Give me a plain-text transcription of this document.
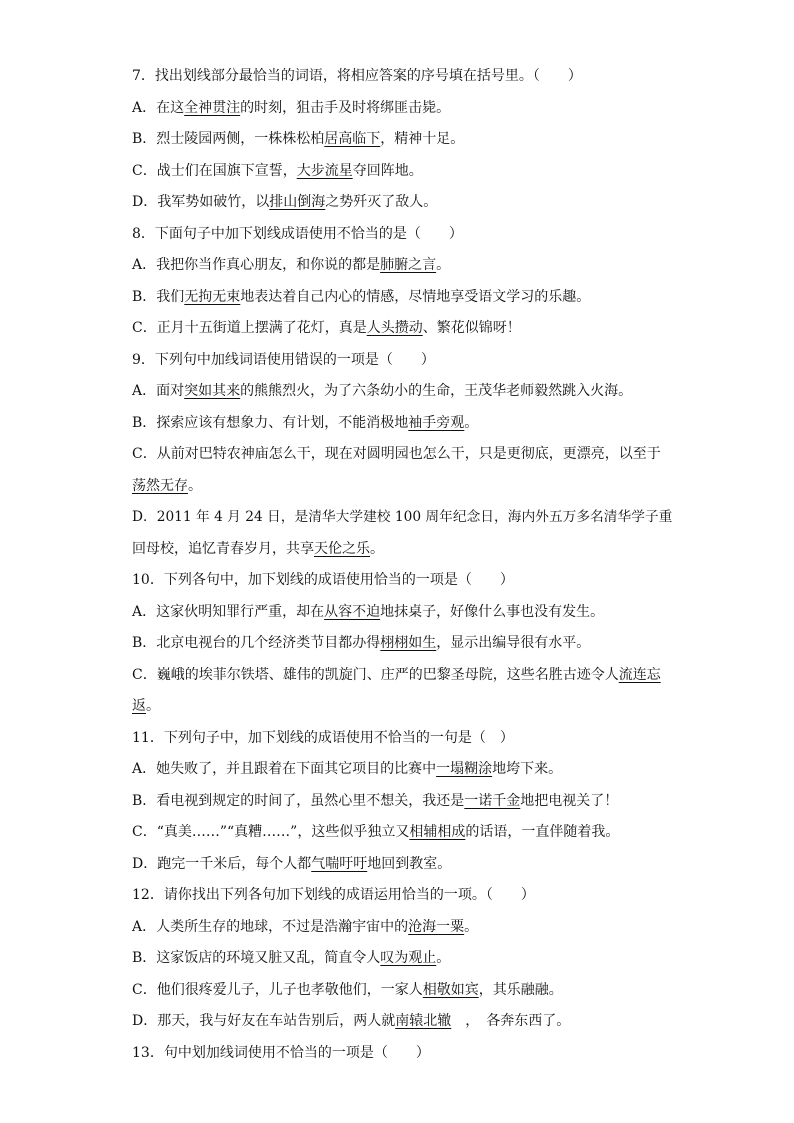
7．找出划线部分最恰当的词语，将相应答案的序号填在括号里。（　　）
A．在这全神贯注的时刻，狙击手及时将绑匪击毙。
B．烈士陵园两侧，一株株松柏居高临下，精神十足。
C．战士们在国旗下宣誓，大步流星夺回阵地。
D．我军势如破竹，以排山倒海之势歼灭了敌人。
8．下面句子中加下划线成语使用不恰当的是（　　）
A．我把你当作真心朋友，和你说的都是肺腑之言。
B．我们无拘无束地表达着自己内心的情感，尽情地享受语文学习的乐趣。
C．正月十五街道上摆满了花灯，真是人头攒动、繁花似锦呀！
9．下列句中加线词语使用错误的一项是（　　）
A．面对突如其来的熊熊烈火，为了六条幼小的生命，王茂华老师毅然跳入火海。
B．探索应该有想象力、有计划，不能消极地袖手旁观。
C．从前对巴特农神庙怎么干，现在对圆明园也怎么干，只是更彻底，更漂亮，以至于
荡然无存。
D．2011 年 4 月 24 日，是清华大学建校 100 周年纪念日，海内外五万多名清华学子重
回母校，追忆青春岁月，共享天伦之乐。
10．下列各句中，加下划线的成语使用恰当的一项是（　　）
A．这家伙明知罪行严重，却在从容不迫地抹桌子，好像什么事也没有发生。
B．北京电视台的几个经济类节目都办得栩栩如生，显示出编导很有水平。
C．巍峨的埃菲尔铁塔、雄伟的凯旋门、庄严的巴黎圣母院，这些名胜古迹令人流连忘
返。
11．下列句子中，加下划线的成语使用不恰当的一句是（　）
A．她失败了，并且跟着在下面其它项目的比赛中一塌糊涂地垮下来。
B．看电视到规定的时间了，虽然心里不想关，我还是一诺千金地把电视关了！
C．“真美……”“真糟……”，这些似乎独立又相辅相成的话语，一直伴随着我。
D．跑完一千米后，每个人都气喘吁吁地回到教室。
12．请你找出下列各句加下划线的成语运用恰当的一项。（　　）
A．人类所生存的地球，不过是浩瀚宇宙中的沧海一粟。
B．这家饭店的环境又脏又乱，简直令人叹为观止。
C．他们很疼爱儿子，儿子也孝敬他们，一家人相敬如宾，其乐融融。
D．那天，我与好友在车站告别后，两人就南辕北辙　，　各奔东西了。
13．句中划加线词使用不恰当的一项是（　　）
